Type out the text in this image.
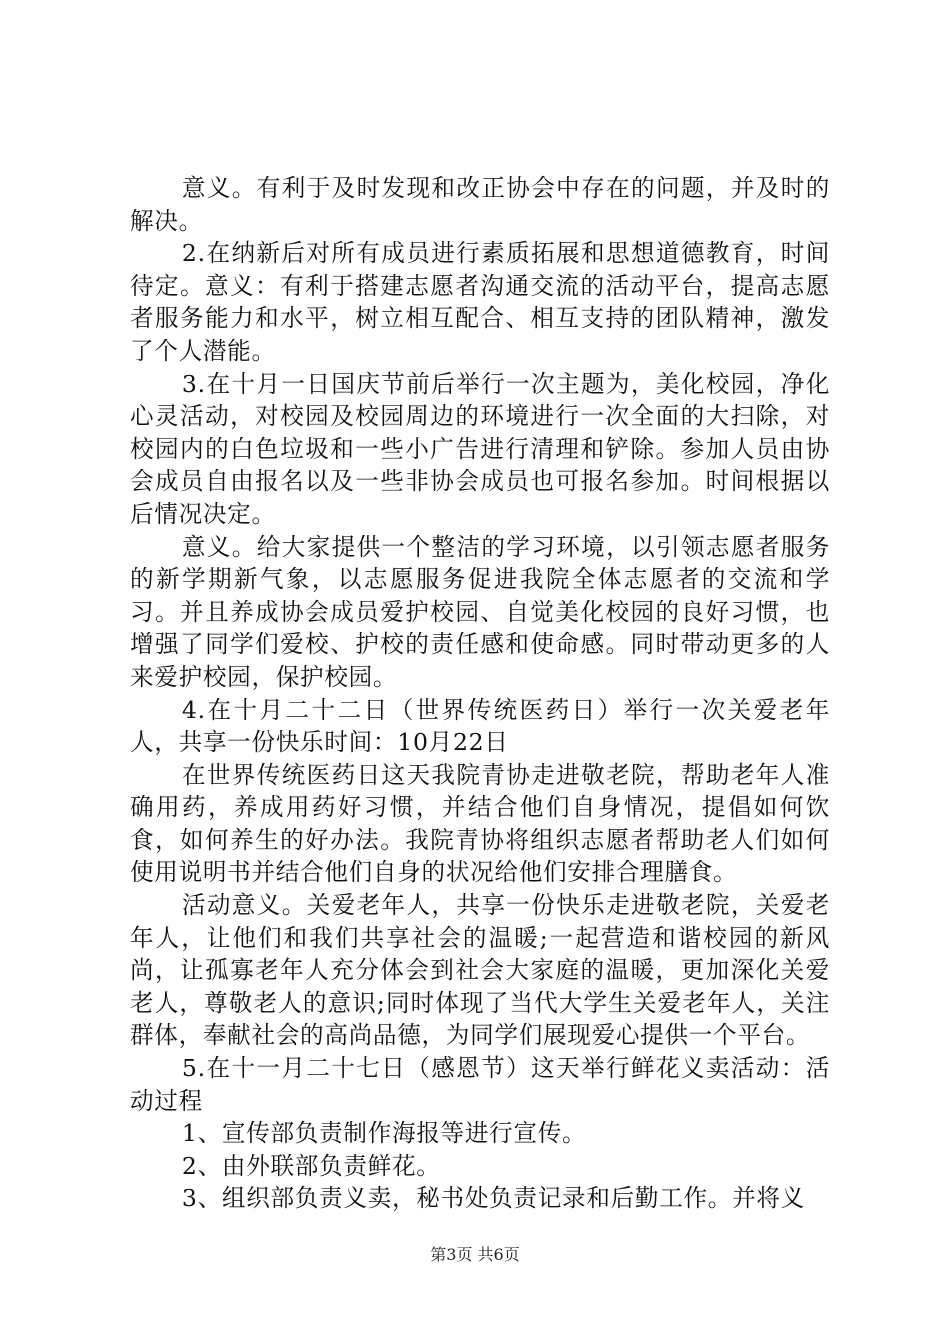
意义。有利于及时发现和改正协会中存在的问题，并及时的解决。

2.在纳新后对所有成员进行素质拓展和思想道德教育，时间待定。意义：有利于搭建志愿者沟通交流的活动平台，提高志愿者服务能力和水平，树立相互配合、相互支持的团队精神，激发了个人潜能。

3.在十月一日国庆节前后举行一次主题为，美化校园，净化心灵活动，对校园及校园周边的环境进行一次全面的大扫除，对校园内的白色垃圾和一些小广告进行清理和铲除。参加人员由协会成员自由报名以及一些非协会成员也可报名参加。时间根据以后情况决定。

意义。给大家提供一个整洁的学习环境，以引领志愿者服务的新学期新气象，以志愿服务促进我院全体志愿者的交流和学习。并且养成协会成员爱护校园、自觉美化校园的良好习惯，也增强了同学们爱校、护校的责任感和使命感。同时带动更多的人来爱护校园，保护校园。

4.在十月二十二日（世界传统医药日）举行一次关爱老年人，共享一份快乐时间：10月22日

在世界传统医药日这天我院青协走进敬老院，帮助老年人准确用药，养成用药好习惯，并结合他们自身情况，提倡如何饮食，如何养生的好办法。我院青协将组织志愿者帮助老人们如何使用说明书并结合他们自身的状况给他们安排合理膳食。

活动意义。关爱老年人，共享一份快乐走进敬老院，关爱老年人，让他们和我们共享社会的温暖;一起营造和谐校园的新风尚，让孤寡老年人充分体会到社会大家庭的温暖，更加深化关爱老人，尊敬老人的意识;同时体现了当代大学生关爱老年人，关注群体，奉献社会的高尚品德，为同学们展现爱心提供一个平台。

5.在十一月二十七日（感恩节）这天举行鲜花义卖活动：活动过程

1、宣传部负责制作海报等进行宣传。

2、由外联部负责鲜花。

3、组织部负责义卖，秘书处负责记录和后勤工作。并将义

第3页 共6页
